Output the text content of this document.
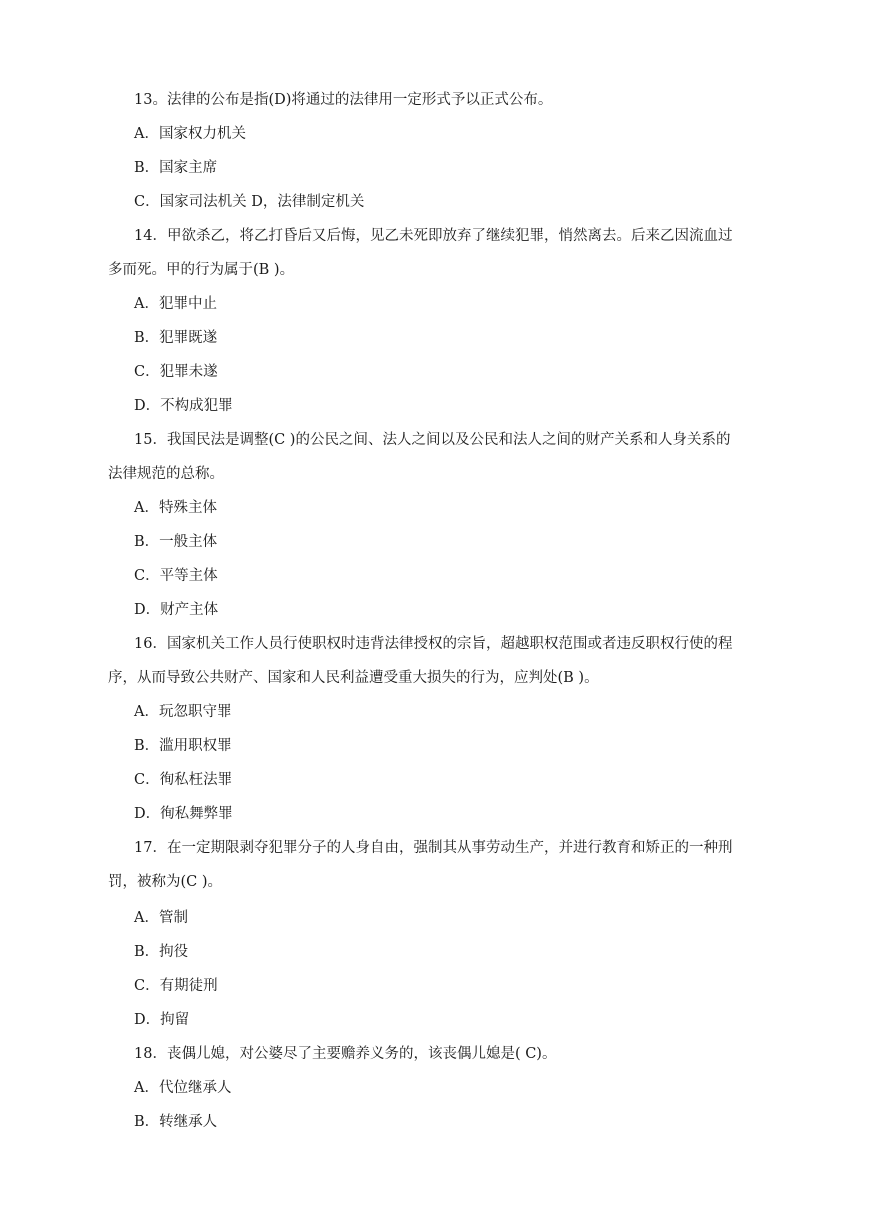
13。法律的公布是指(D)将通过的法律用一定形式予以正式公布。
A．国家权力机关
B．国家主席
C．国家司法机关 D，法律制定机关
14．甲欲杀乙，将乙打昏后又后悔，见乙未死即放弃了继续犯罪，悄然离去。后来乙因流血过
多而死。甲的行为属于(B )。
A．犯罪中止
B．犯罪既遂
C．犯罪未遂
D．不构成犯罪
15．我国民法是调整(C )的公民之间、法人之间以及公民和法人之间的财产关系和人身关系的
法律规范的总称。
A．特殊主体
B．一般主体
C．平等主体
D．财产主体
16．国家机关工作人员行使职权时违背法律授权的宗旨，超越职权范围或者违反职权行使的程
序，从而导致公共财产、国家和人民利益遭受重大损失的行为，应判处(B )。
A．玩忽职守罪
B．滥用职权罪
C．徇私枉法罪
D．徇私舞弊罪
17．在一定期限剥夺犯罪分子的人身自由，强制其从事劳动生产，并进行教育和矫正的一种刑
罚，被称为(C )。
A．管制
B．拘役
C．有期徒刑
D．拘留
18．丧偶儿媳，对公婆尽了主要赡养义务的，该丧偶儿媳是( C)。
A．代位继承人
B．转继承人
